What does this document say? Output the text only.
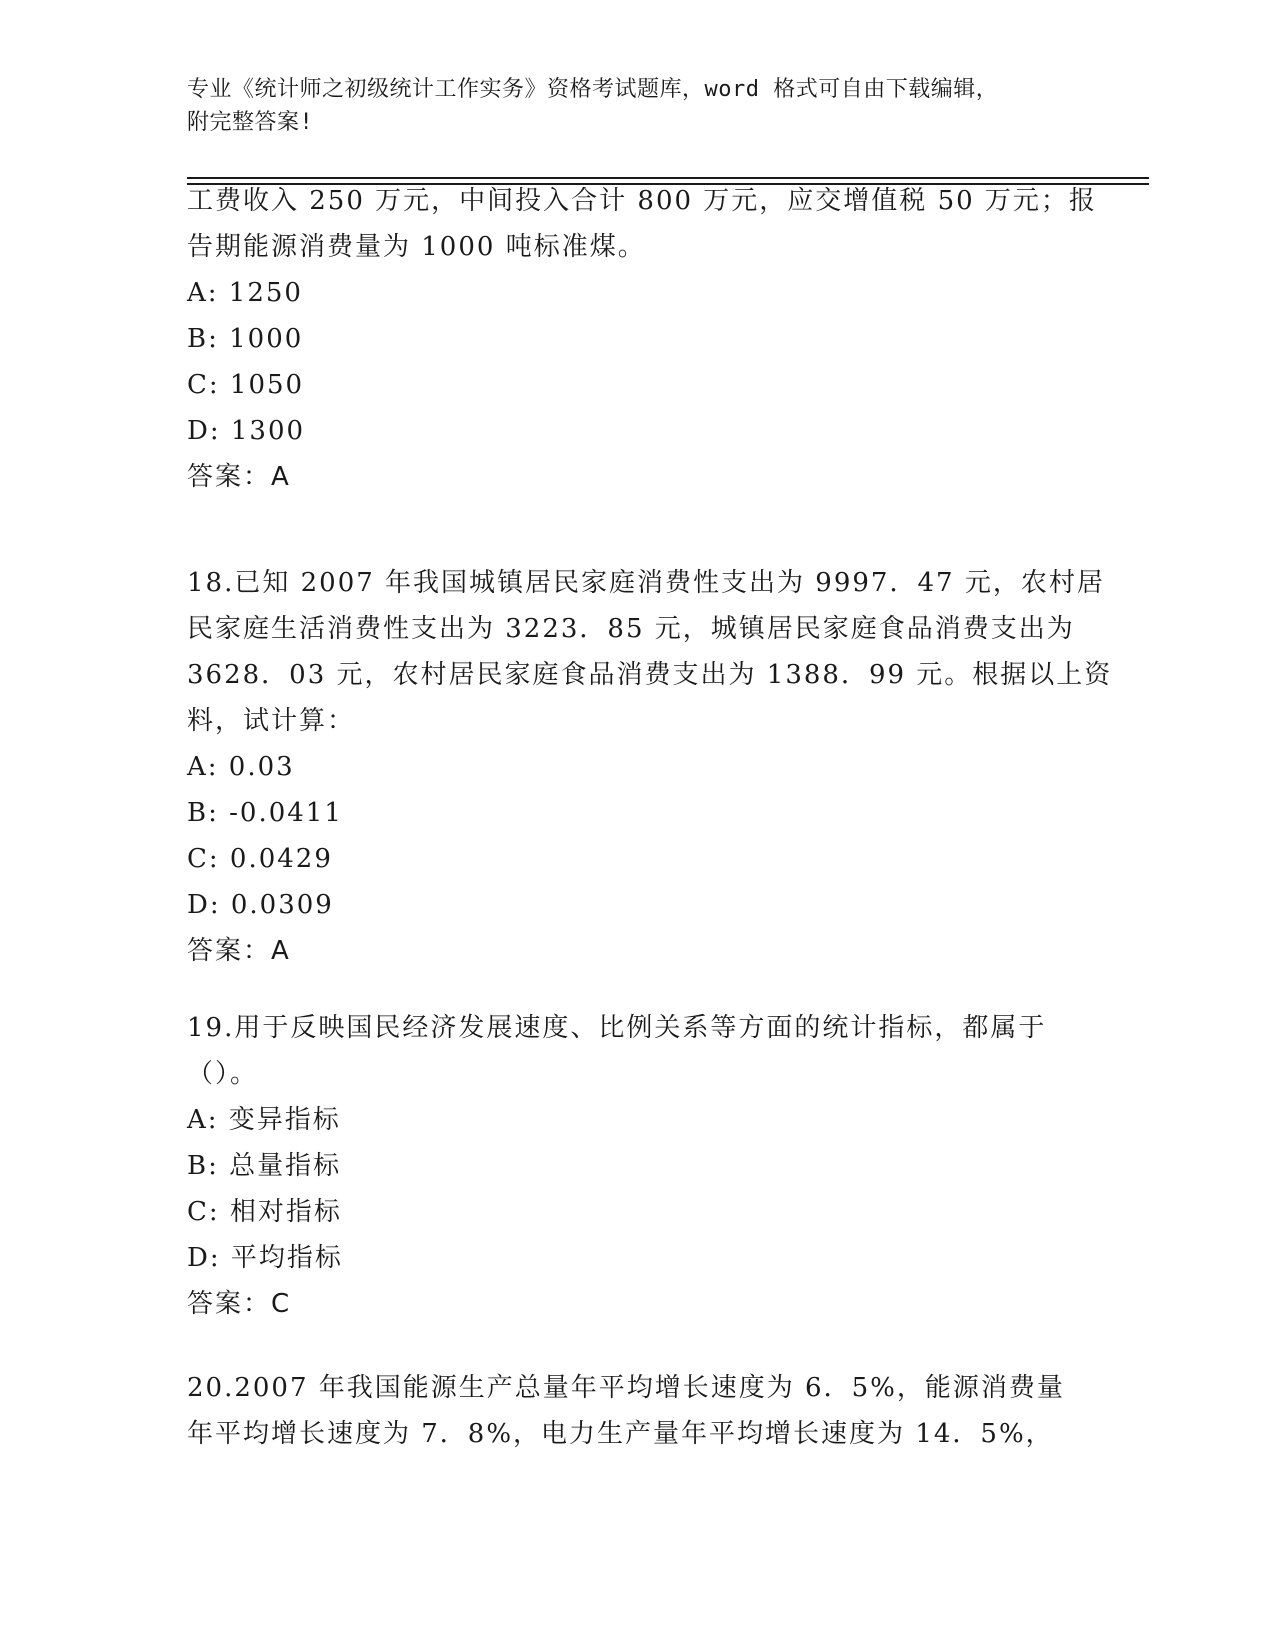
专业《统计师之初级统计工作实务》资格考试题库，word 格式可自由下载编辑，
附完整答案!
工费收入 250 万元，中间投入合计 800 万元，应交增值税 50 万元；报
告期能源消费量为 1000 吨标准煤。
A: 1250
B: 1000
C: 1050
D: 1300
答案：A
18.已知 2007 年我国城镇居民家庭消费性支出为 9997．47 元，农村居
民家庭生活消费性支出为 3223．85 元，城镇居民家庭食品消费支出为
3628．03 元，农村居民家庭食品消费支出为 1388．99 元。根据以上资
料，试计算：
A: 0.03
B: -0.0411
C: 0.0429
D: 0.0309
答案：A
19.用于反映国民经济发展速度、比例关系等方面的统计指标，都属于
（）。
A: 变异指标
B: 总量指标
C: 相对指标
D: 平均指标
答案：C
20.2007 年我国能源生产总量年平均增长速度为 6．5%，能源消费量
年平均增长速度为 7．8%，电力生产量年平均增长速度为 14．5%，
